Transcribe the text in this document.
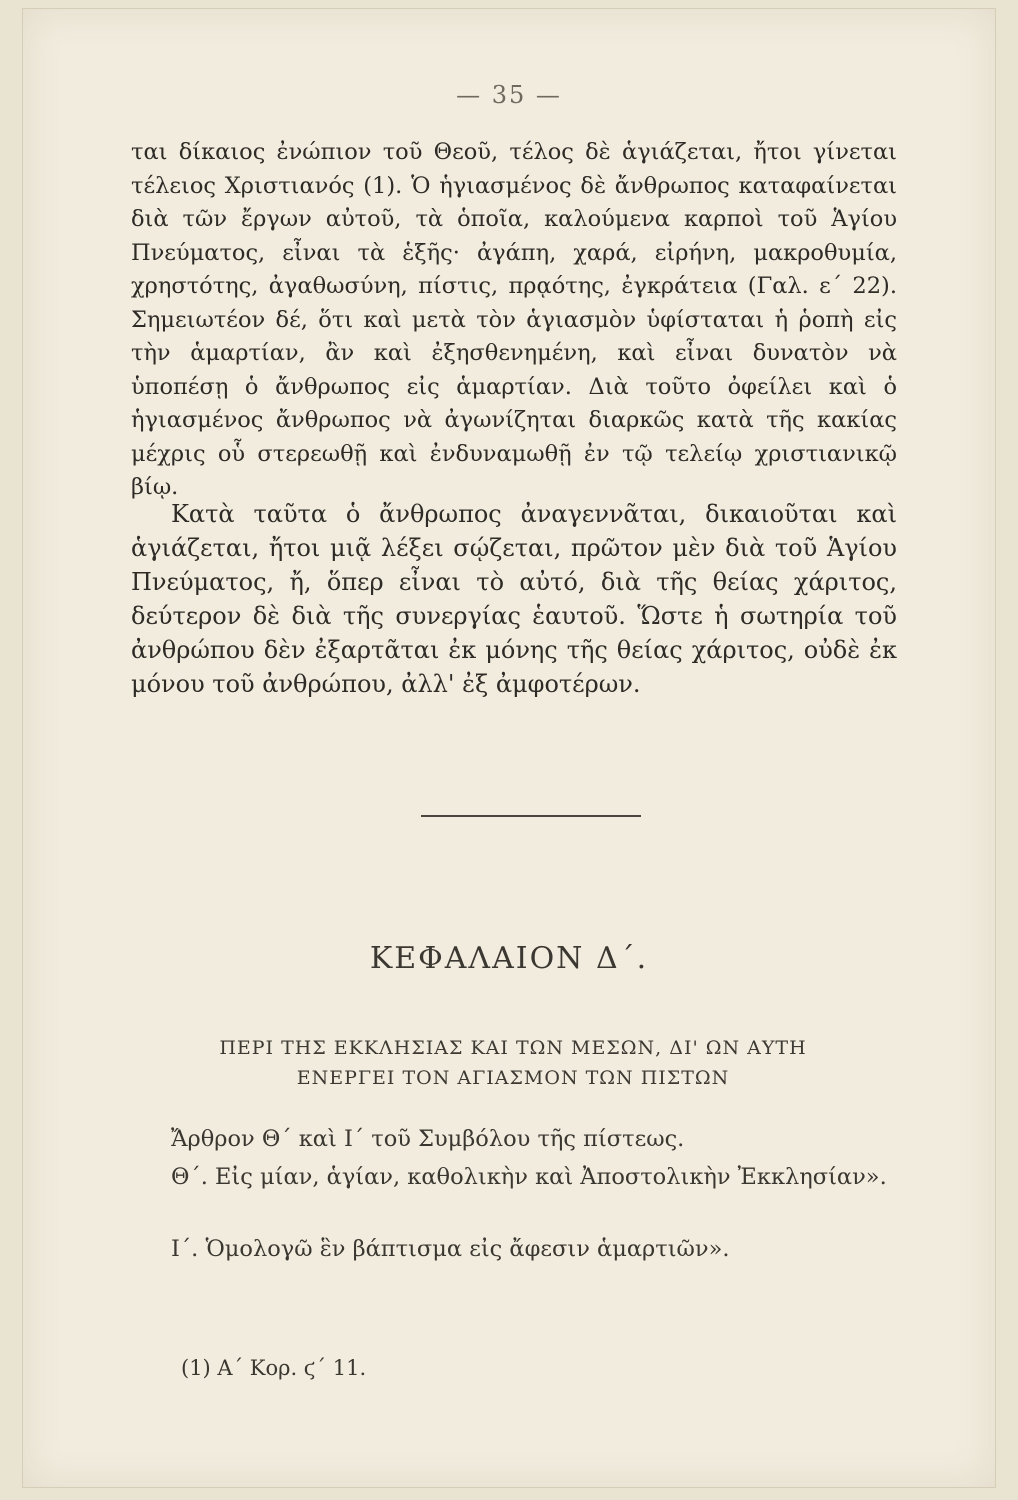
— 35 —

ται δίκαιος ἐνώπιον τοῦ Θεοῦ, τέλος δὲ ἁγιάζεται, ἤτοι γίνεται τέλειος Χριστιανός (1). Ὁ ἡγιασμένος δὲ ἄνθρωπος καταφαίνεται διὰ τῶν ἔργων αὐτοῦ, τὰ ὁποῖα, καλούμενα καρποὶ τοῦ Ἁγίου Πνεύματος, εἶναι τὰ ἑξῆς· ἀγάπη, χαρά, εἰρήνη, μακροθυμία, χρηστότης, ἀγαθωσύνη, πίστις, πρᾳότης, ἐγκράτεια (Γαλ. ε΄ 22). Σημειωτέον δέ, ὅτι καὶ μετὰ τὸν ἁγιασμὸν ὑφίσταται ἡ ῥοπὴ εἰς τὴν ἁμαρτίαν, ἂν καὶ ἐξησθενημένη, καὶ εἶναι δυνατὸν νὰ ὑποπέσῃ ὁ ἄνθρωπος εἰς ἁμαρτίαν. Διὰ τοῦτο ὀφείλει καὶ ὁ ἡγιασμένος ἄνθρωπος νὰ ἀγωνίζηται διαρκῶς κατὰ τῆς κακίας μέχρις οὗ στερεωθῇ καὶ ἐνδυναμωθῇ ἐν τῷ τελείῳ χριστιανικῷ βίῳ.

Κατὰ ταῦτα ὁ ἄνθρωπος ἀναγεννᾶται, δικαιοῦται καὶ ἁγιάζεται, ἤτοι μιᾷ λέξει σῴζεται, πρῶτον μὲν διὰ τοῦ Ἁγίου Πνεύματος, ἤ, ὅπερ εἶναι τὸ αὐτό, διὰ τῆς θείας χάριτος, δεύτερον δὲ διὰ τῆς συνεργίας ἑαυτοῦ. Ὥστε ἡ σωτηρία τοῦ ἀνθρώπου δὲν ἐξαρτᾶται ἐκ μόνης τῆς θείας χάριτος, οὐδὲ ἐκ μόνου τοῦ ἀνθρώπου, ἀλλ' ἐξ ἀμφοτέρων.

ΚΕΦΑΛΑΙΟΝ Δ΄.
ΠΕΡΙ ΤΗΣ ΕΚΚΛΗΣΙΑΣ ΚΑΙ ΤΩΝ ΜΕΣΩΝ, ΔΙ' ΩΝ ΑΥΤΗ
ΕΝΕΡΓΕΙ ΤΟΝ ΑΓΙΑΣΜΟΝ ΤΩΝ ΠΙΣΤΩΝ

Ἄρθρον Θ΄ καὶ Ι΄ τοῦ Συμβόλου τῆς πίστεως.

Θ΄. Εἰς μίαν, ἁγίαν, καθολικὴν καὶ Ἀποστολικὴν Ἐκκλησίαν».

Ι΄. Ὁμολογῶ ἓν βάπτισμα εἰς ἄφεσιν ἁμαρτιῶν».

(1) Α΄ Κορ. ϛ΄ 11.
